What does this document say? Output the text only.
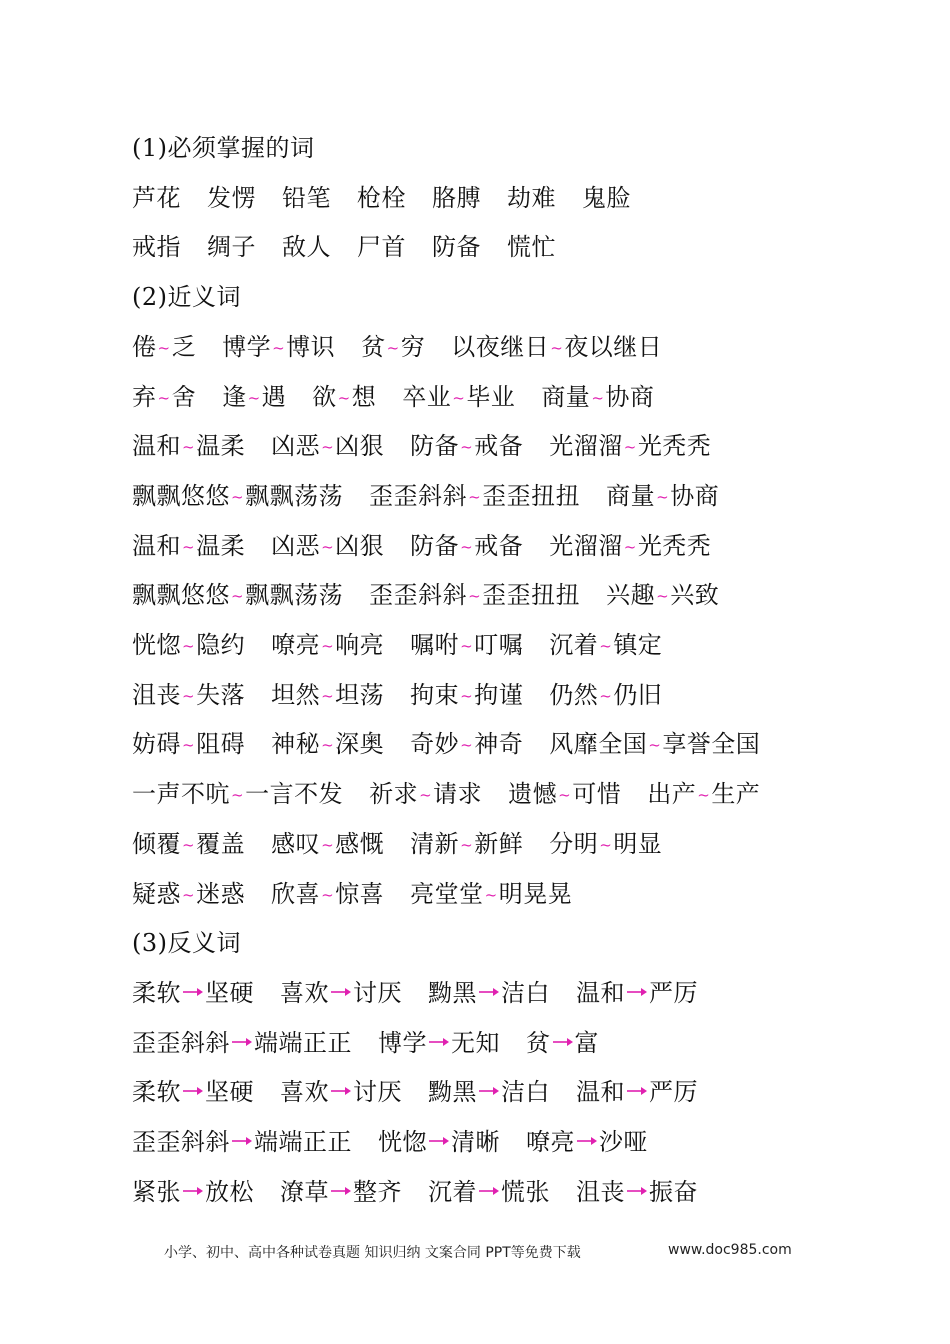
(1)必须掌握的词
芦花 发愣 铅笔 枪栓 胳膊 劫难 鬼脸
戒指 绸子 敌人 尸首 防备 慌忙
(2)近义词
倦~乏 博学~博识 贫~穷 以夜继日~夜以继日
弃~舍 逢~遇 欲~想 卒业~毕业 商量~协商
温和~温柔 凶恶~凶狠 防备~戒备 光溜溜~光秃秃
飘飘悠悠~飘飘荡荡 歪歪斜斜~歪歪扭扭 商量~协商
温和~温柔 凶恶~凶狠 防备~戒备 光溜溜~光秃秃
飘飘悠悠~飘飘荡荡 歪歪斜斜~歪歪扭扭 兴趣~兴致
恍惚~隐约 嘹亮~响亮 嘱咐~叮嘱 沉着~镇定
沮丧~失落 坦然~坦荡 拘束~拘谨 仍然~仍旧
妨碍~阻碍 神秘~深奥 奇妙~神奇 风靡全国~享誉全国
一声不吭~一言不发 祈求~请求 遗憾~可惜 出产~生产
倾覆~覆盖 感叹~感慨 清新~新鲜 分明~明显
疑惑~迷惑 欣喜~惊喜 亮堂堂~明晃晃
(3)反义词
柔软 坚硬 喜欢 讨厌 黝黑 洁白 温和 严厉
歪歪斜斜 端端正正 博学 无知 贫 富
柔软 坚硬 喜欢 讨厌 黝黑 洁白 温和 严厉
歪歪斜斜 端端正正 恍惚 清晰 嘹亮 沙哑
紧张 放松 潦草 整齐 沉着 慌张 沮丧 振奋
小学、初中、高中各种试卷真题 知识归纳 文案合同 PPT等免费下载	www.doc985.com
